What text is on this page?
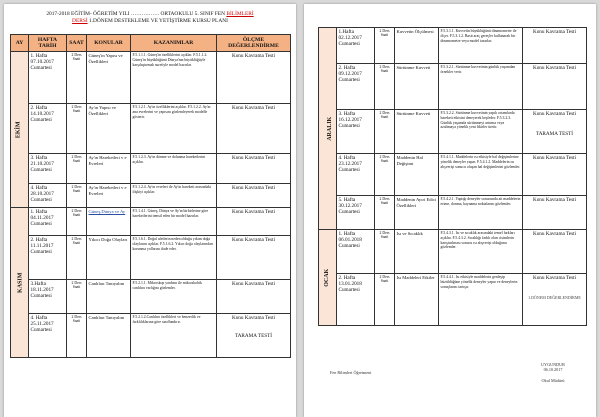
2017-2018 EĞİTİM- ÖĞRETİM YILI ……………. ORTAOKULU 5. SINIF FEN BİLİMLERİ
DERSİ 1.DÖNEM DESTEKLEME VE YETİŞTİRME KURSU PLANI
AY	HAFTA TARİH	SAAT	KONULAR	KAZANIMLAR	ÖLÇME DEĞERLENDİRME
EKİM	1. Hafta 07.10.2017 Cumartesi	2 Ders Saati	Güneş'in Yapısı ve Özellikleri	F.5.1.1.1. Güneş'in özelliklerini açıklar. F.5.1.1.2. Güneş'in büyüklüğünü Dünya'nın büyüklüğüyle karşılaştırmak suretiyle model hazırlar.	Konu Kavrama Testi
	2. Hafta 14.10.2017 Cumartesi	2 Ders Saati	Ay'ın Yapısı ve Özellikleri	F.5.1.2.1. Ay'ın özelliklerini açıklar. F.5.1.2.2. Ay'ın ana evrelerini ve yapısını gözlemleyerek modelle gösterir.	Konu Kavrama Testi
	3. Hafta 21.10.2017 Cumartesi	2 Ders Saati	Ay'ın Hareketleri v e Evreleri	F.5.1.2.3. Ay'ın dönme ve dolanma hareketlerini açıklar.	Konu Kavrama Testi
	4. Hafta 28.10.2017 Cumartesi	2 Ders Saati	Ay'ın Hareketleri v e Evreleri	F.5.1.2.4. Ay'ın evreleri ile Ay'ın hareketi arasındaki ilişkiyi açıklar.	Konu Kavrama Testi
KASIM	1. Hafta 04.11.2017 Cumartesi	2 Ders Saati	Güneş,Dünya ve Ay	F.5.1.4.1. Güneş, Dünya ve Ay'ın birbirlerine göre hareketlerini temsil eden bir model hazırlar.	Konu Kavrama Testi
	2. Hafta 11.11.2017 Cumartesi	2 Ders Saati	Yıkıcı Doğa Olayları	F.5.1.6.1. Doğal afetlerin neden olduğu yıkım doğa olaylarını açıklar. F.5.1.6.2. Yıkıcı doğa olaylarından korunma yollarını ifade eder.	Konu Kavrama Testi
	3.Hafta 18.11.2017 Cumartesi	2 Ders Saati	Canlıları Tanıyalım	F.5.2.1.1. Mikroskop yardımı ile mikroskobik canlıları varlığını gözlemler.	Konu Kavrama Testi
	4. Hafta 25.11.2017 Cumartesi	2 Ders Saati	Canlıları Tanıyalım	F.5.2.1.2.Canlıları özellikleri ve benzerlik ve farklılıklarına göre sınıflandırır.	Konu Kavrama Testi
TARAMA TESTİ
ARALIK	1.Hafta 02.12.2017 Cumartesi	2 Ders Saati	Kuvvetin Ölçülmesi	F.5.3.1.1. Kuvvetin büyüklüğünü dinamometre ile ölçer. F.5.3.1.2. Basit araç gereçler kullanarak bir dinamometre veya model tasarlar.	Konu Kavrama Testi
	2. Hafta 09.12.2017 Cumartesi	2 Ders Saati	Sürtünme Kuvveti	F.5.3.2.1. Sürtünme kuvvetinin günlük yaşamdan örnekler verir.	Konu Kavrama Testi
	3. Hafta 16.12.2017 Cumartesi	2 Ders Saati	Sürtünme Kuvveti	F.5.3.2.2. Sürtünme kuvvetinin yapılı ortamlarda hareketi etkisini deneyerek keşfeder. F.5.3.2.3. Günlük yaşamda sürtünmeyi artırma veya azaltmaya yönelik yeni fikirler üretir.	Konu Kavrama Testi
TARAMA TESTİ

	4. Hafta 23.12.2017 Cumartesi	2 Ders Saati	Maddenin Hal Değişimi	F.5.4.1.1. Maddelerin ısı etkisiyle hal değişimlerine yönelik deneyler yapar. F.5.4.1.2. Maddelerin ısı alışverişi sonucu oluşan hal değişimlerini gözlemler.	Konu Kavrama Testi
	5. Hafta 30.12.2017 Cumartesi	2 Ders Saati	Maddenin Ayırt Edici Özellikleri	F.5.4.2.1. Yaptığı deneyler sonucunda ait maddelerin erime, donma, kaynama noktalarını gözlemler.	Konu Kavrama Testi
OCAK	1. Hafta 06.01.2018 Cumartesi	2 Ders Saati	Isı ve Sıcaklık	F.5.4.3.1. Isı ve sıcaklık arasındaki temel farkları açıklar. F.5.4.3.2. Sıcaklığı farklı olan cisimlerin karıştırılması sonucu ısı alışverişi olduğunu gözlemler.	Konu Kavrama Testi
	2. Hafta 13.01.2018 Cumartesi	2 Ders Saati	Isı Maddeleri Etkiler	F.5.4.4.1. Isı etkisiyle maddelerin genleşip büzüldüğüne yönelik deneyler yapar ve deneylerin sonuçlarını tartışır.	Konu Kavrama Testi
1.DÖNEM DEĞERLENDİRME
Fen Bilimleri Öğretmeni
UYGUNDUR
06.10.2017
Okul Müdürü
